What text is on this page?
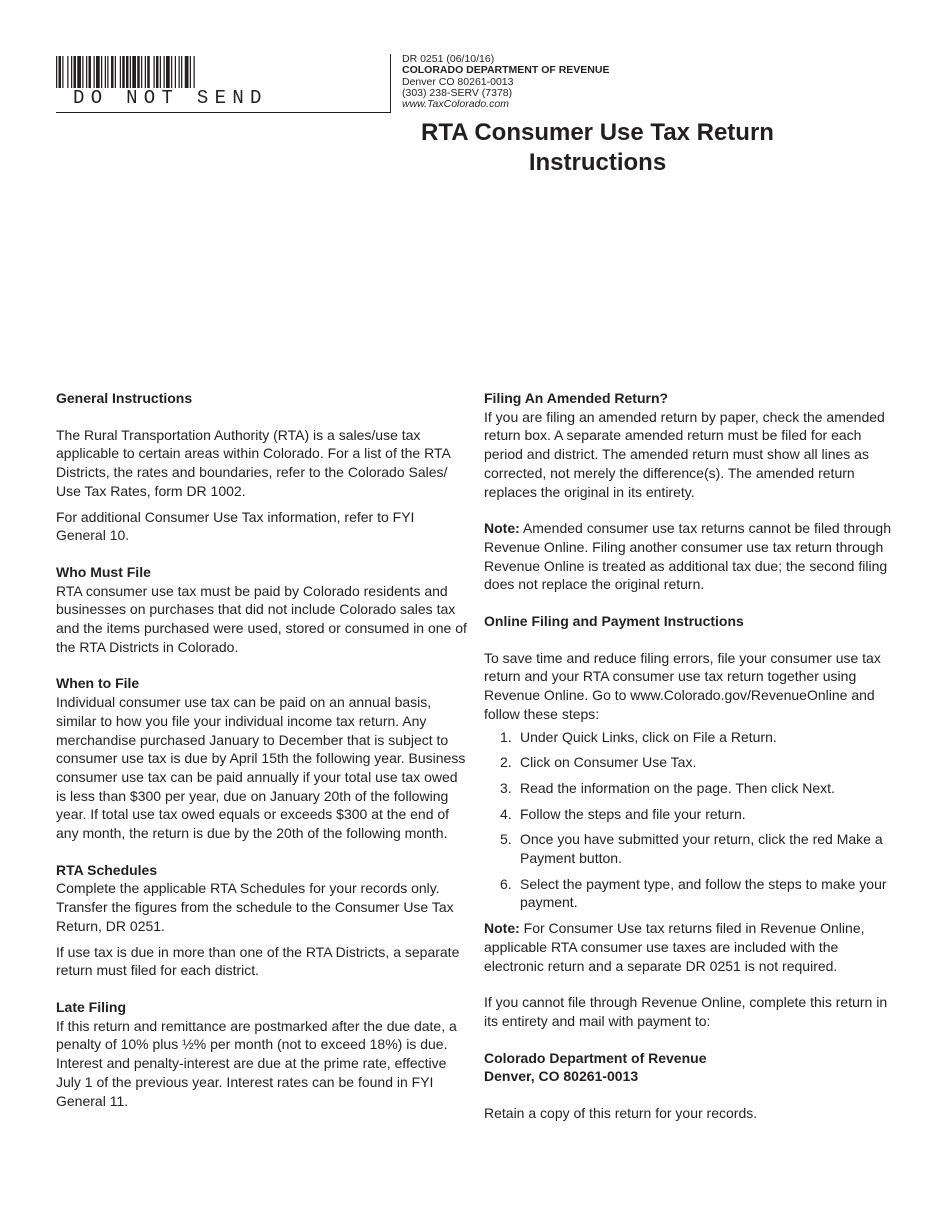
DO NOT SEND
DR 0251 (06/10/16)
COLORADO DEPARTMENT OF REVENUE
Denver CO 80261-0013
(303) 238-SERV (7378)
www.TaxColorado.com
RTA Consumer Use Tax Return
Instructions

General Instructions

The Rural Transportation Authority (RTA) is a sales/use tax applicable to certain areas within Colorado. For a list of the RTA Districts, the rates and boundaries, refer to the Colorado Sales/ Use Tax Rates, form DR 1002.

For additional Consumer Use Tax information, refer to FYI General 10.

Who Must File

RTA consumer use tax must be paid by Colorado residents and businesses on purchases that did not include Colorado sales tax and the items purchased were used, stored or consumed in one of the RTA Districts in Colorado.

When to File

Individual consumer use tax can be paid on an annual basis, similar to how you file your individual income tax return. Any merchandise purchased January to December that is subject to consumer use tax is due by April 15th the following year. Business consumer use tax can be paid annually if your total use tax owed is less than $300 per year, due on January 20th of the following year. If total use tax owed equals or exceeds $300 at the end of any month, the return is due by the 20th of the following month.

RTA Schedules

Complete the applicable RTA Schedules for your records only. Transfer the figures from the schedule to the Consumer Use Tax Return, DR 0251.

If use tax is due in more than one of the RTA Districts, a separate return must filed for each district.

Late Filing

If this return and remittance are postmarked after the due date, a penalty of 10% plus ½% per month (not to exceed 18%) is due. Interest and penalty-interest are due at the prime rate, effective July 1 of the previous year. Interest rates can be found in FYI General 11.

Filing An Amended Return?

If you are filing an amended return by paper, check the amended return box. A separate amended return must be filed for each period and district. The amended return must show all lines as corrected, not merely the difference(s). The amended return replaces the original in its entirety.

Note: Amended consumer use tax returns cannot be filed through Revenue Online. Filing another consumer use tax return through Revenue Online is treated as additional tax due; the second filing does not replace the original return.

Online Filing and Payment Instructions

To save time and reduce filing errors, file your consumer use tax return and your RTA consumer use tax return together using Revenue Online. Go to www.Colorado.gov/RevenueOnline and follow these steps:

1. Under Quick Links, click on File a Return.
2. Click on Consumer Use Tax.
3. Read the information on the page. Then click Next.
4. Follow the steps and file your return.
5. Once you have submitted your return, click the red Make a Payment button.
6. Select the payment type, and follow the steps to make your payment.

Note: For Consumer Use tax returns filed in Revenue Online, applicable RTA consumer use taxes are included with the electronic return and a separate DR 0251 is not required.

If you cannot file through Revenue Online, complete this return in its entirety and mail with payment to:

Colorado Department of Revenue

Denver, CO 80261-0013

Retain a copy of this return for your records.
